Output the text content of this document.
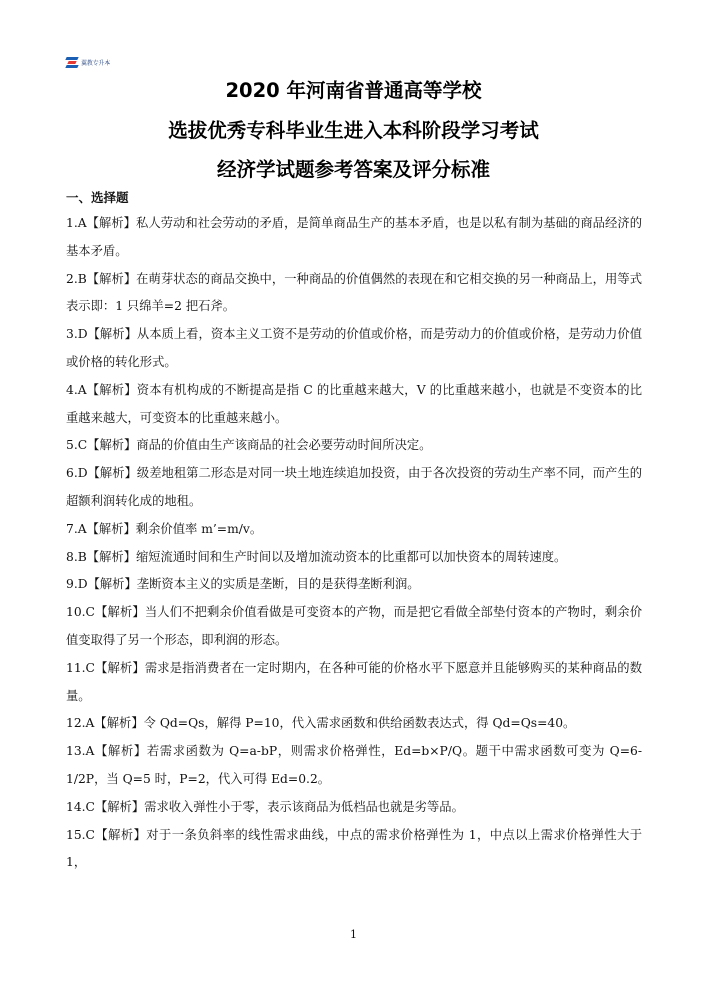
翼教专升本
2020 年河南省普通高等学校
选拔优秀专科毕业生进入本科阶段学习考试
经济学试题参考答案及评分标准
一、选择题

1.A【解析】私人劳动和社会劳动的矛盾，是简单商品生产的基本矛盾，也是以私有制为基础的商品经济的基本矛盾。

2.B【解析】在萌芽状态的商品交换中，一种商品的价值偶然的表现在和它相交换的另一种商品上，用等式表示即：1 只绵羊=2 把石斧。

3.D【解析】从本质上看，资本主义工资不是劳动的价值或价格，而是劳动力的价值或价格，是劳动力价值或价格的转化形式。

4.A【解析】资本有机构成的不断提高是指 C 的比重越来越大，V 的比重越来越小，也就是不变资本的比重越来越大，可变资本的比重越来越小。

5.C【解析】商品的价值由生产该商品的社会必要劳动时间所决定。

6.D【解析】级差地租第二形态是对同一块土地连续追加投资，由于各次投资的劳动生产率不同，而产生的超额利润转化成的地租。

7.A【解析】剩余价值率 m’=m/v。

8.B【解析】缩短流通时间和生产时间以及增加流动资本的比重都可以加快资本的周转速度。

9.D【解析】垄断资本主义的实质是垄断，目的是获得垄断利润。

10.C【解析】当人们不把剩余价值看做是可变资本的产物，而是把它看做全部垫付资本的产物时，剩余价值变取得了另一个形态，即利润的形态。

11.C【解析】需求是指消费者在一定时期内，在各种可能的价格水平下愿意并且能够购买的某种商品的数量。

12.A【解析】令 Qd=Qs，解得 P=10，代入需求函数和供给函数表达式，得 Qd=Qs=40。

13.A【解析】若需求函数为 Q=a-bP，则需求价格弹性，Ed=b×P/Q。题干中需求函数可变为 Q=6-1/2P，当 Q=5 时，P=2，代入可得 Ed=0.2。

14.C【解析】需求收入弹性小于零，表示该商品为低档品也就是劣等品。

15.C【解析】对于一条负斜率的线性需求曲线，中点的需求价格弹性为 1，中点以上需求价格弹性大于 1，

1
